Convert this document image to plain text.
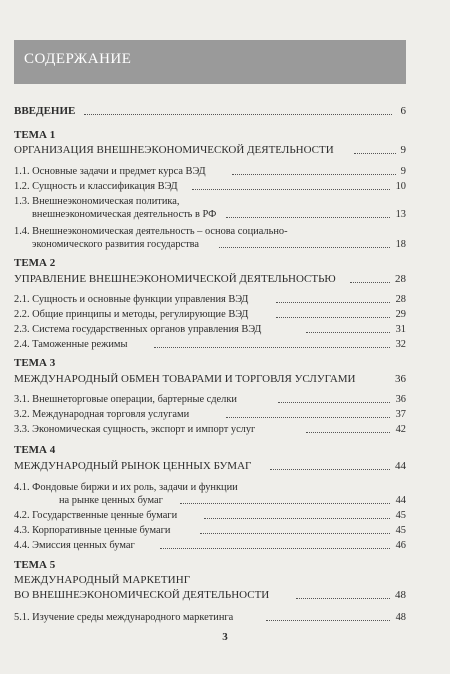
СОДЕРЖАНИЕ
ВВЕДЕНИЕ	6
ТЕМА 1
ОРГАНИЗАЦИЯ ВНЕШНЕЭКОНОМИЧЕСКОЙ ДЕЯТЕЛЬНОСТИ	9
1.1. Основные задачи и предмет курса ВЭД	9
1.2. Сущность и классификация ВЭД	10
1.3. Внешнеэкономическая политика,
внешнеэкономическая деятельность в РФ	13
1.4. Внешнеэкономическая деятельность – основа социально-
экономического развития государства	18
ТЕМА 2
УПРАВЛЕНИЕ ВНЕШНЕЭКОНОМИЧЕСКОЙ ДЕЯТЕЛЬНОСТЬЮ	28
2.1. Сущность и основные функции управления ВЭД	28
2.2. Общие принципы и методы, регулирующие ВЭД	29
2.3. Система государственных органов управления ВЭД	31
2.4. Таможенные режимы	32
ТЕМА 3
МЕЖДУНАРОДНЫЙ ОБМЕН ТОВАРАМИ И ТОРГОВЛЯ УСЛУГАМИ	36
3.1. Внешнеторговые операции, бартерные сделки	36
3.2. Международная торговля услугами	37
3.3. Экономическая сущность, экспорт и импорт услуг	42
ТЕМА 4
МЕЖДУНАРОДНЫЙ РЫНОК ЦЕННЫХ БУМАГ	44
4.1. Фондовые биржи и их роль, задачи и функции
на рынке ценных бумаг	44
4.2. Государственные ценные бумаги	45
4.3. Корпоративные ценные бумаги	45
4.4. Эмиссия ценных бумаг	46
ТЕМА 5
МЕЖДУНАРОДНЫЙ МАРКЕТИНГ
ВО ВНЕШНЕЭКОНОМИЧЕСКОЙ ДЕЯТЕЛЬНОСТИ	48
5.1. Изучение среды международного маркетинга	48
3
